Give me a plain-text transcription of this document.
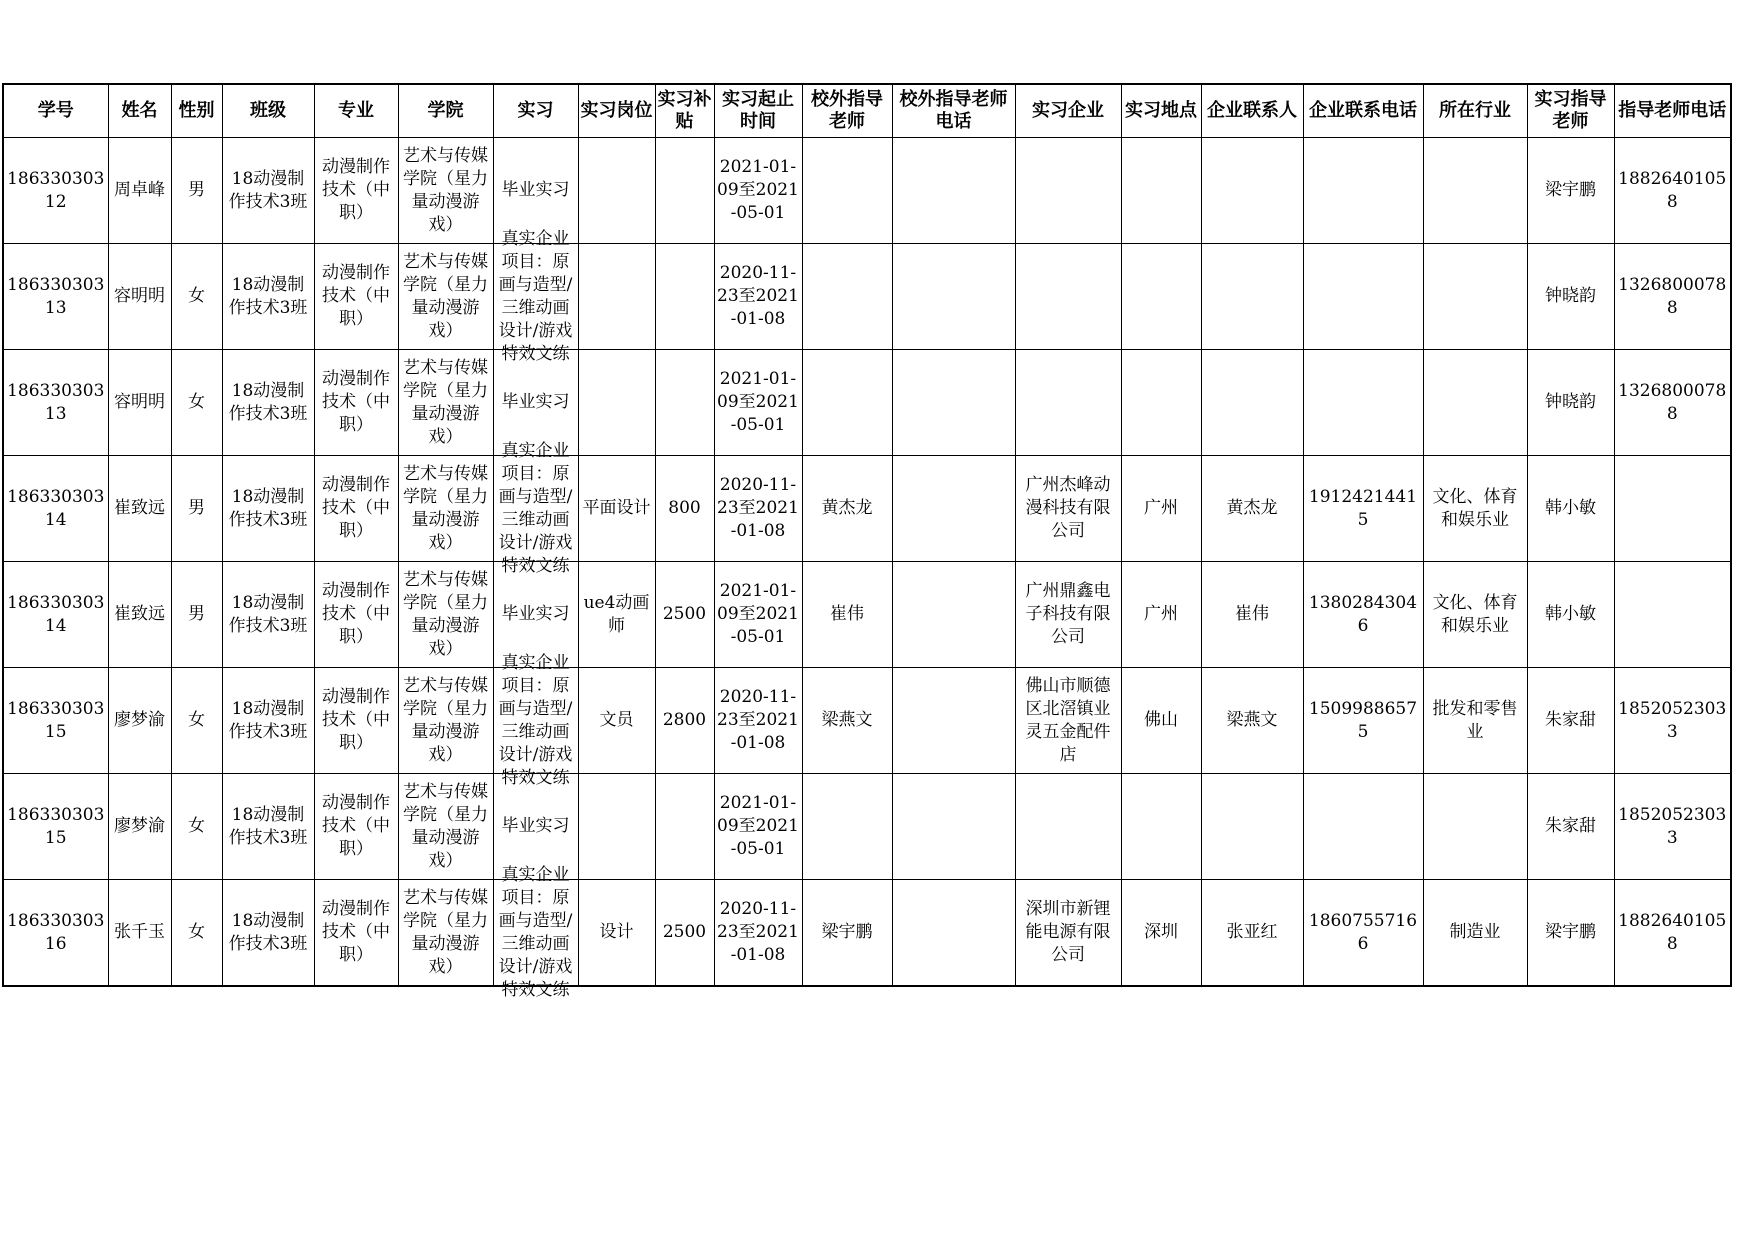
学号	姓名	性别	班级	专业	学院	实习	实习岗位	实习补贴	实习起止时间	校外指导老师	校外指导老师电话	实习企业	实习地点	企业联系人	企业联系电话	所在行业	实习指导老师	指导老师电话

18633030312	周卓峰	男	18动漫制作技术3班	动漫制作技术（中职）	艺术与传媒学院（星力量动漫游戏）	毕业实习			2021-01-09至2021-05-01								梁宇鹏	18826401058

18633030313	容明明	女	18动漫制作技术3班	动漫制作技术（中职）	艺术与传媒学院（星力量动漫游戏）	真实企业项目：原画与造型/三维动画设计/游戏特效文练			2020-11-23至2021-01-08								钟晓韵	13268000788

18633030313	容明明	女	18动漫制作技术3班	动漫制作技术（中职）	艺术与传媒学院（星力量动漫游戏）	毕业实习			2021-01-09至2021-05-01								钟晓韵	13268000788

18633030314	崔致远	男	18动漫制作技术3班	动漫制作技术（中职）	艺术与传媒学院（星力量动漫游戏）	真实企业项目：原画与造型/三维动画设计/游戏特效文练	平面设计	800	2020-11-23至2021-01-08	黄杰龙		广州杰峰动漫科技有限公司	广州	黄杰龙	19124214415	文化、体育和娱乐业	韩小敏	

18633030314	崔致远	男	18动漫制作技术3班	动漫制作技术（中职）	艺术与传媒学院（星力量动漫游戏）	毕业实习	ue4动画师	2500	2021-01-09至2021-05-01	崔伟		广州鼎鑫电子科技有限公司	广州	崔伟	13802843046	文化、体育和娱乐业	韩小敏	

18633030315	廖梦渝	女	18动漫制作技术3班	动漫制作技术（中职）	艺术与传媒学院（星力量动漫游戏）	真实企业项目：原画与造型/三维动画设计/游戏特效文练	文员	2800	2020-11-23至2021-01-08	梁燕文		佛山市顺德区北滘镇业灵五金配件店	佛山	梁燕文	15099886575	批发和零售业	朱家甜	18520523033

18633030315	廖梦渝	女	18动漫制作技术3班	动漫制作技术（中职）	艺术与传媒学院（星力量动漫游戏）	毕业实习			2021-01-09至2021-05-01								朱家甜	18520523033

18633030316	张千玉	女	18动漫制作技术3班	动漫制作技术（中职）	艺术与传媒学院（星力量动漫游戏）	真实企业项目：原画与造型/三维动画设计/游戏特效文练	设计	2500	2020-11-23至2021-01-08	梁宇鹏		深圳市新锂能电源有限公司	深圳	张亚红	18607557166	制造业	梁宇鹏	18826401058
